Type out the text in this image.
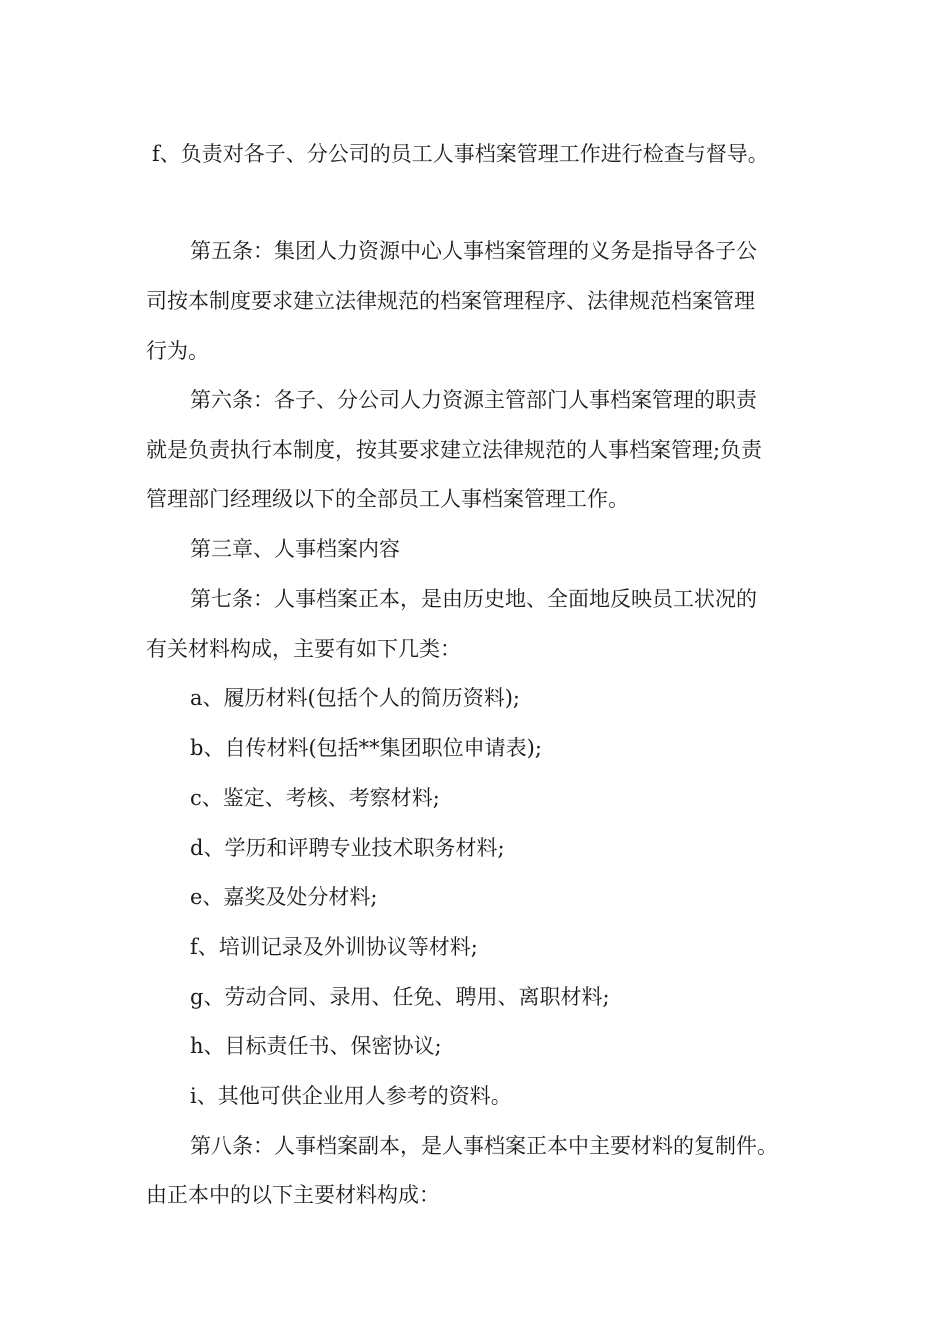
f、负责对各子、分公司的员工人事档案管理工作进行检查与督导。
第五条：集团人力资源中心人事档案管理的义务是指导各子公
司按本制度要求建立法律规范的档案管理程序、法律规范档案管理
行为。
第六条：各子、分公司人力资源主管部门人事档案管理的职责
就是负责执行本制度，按其要求建立法律规范的人事档案管理;负责
管理部门经理级以下的全部员工人事档案管理工作。
第三章、人事档案内容
第七条：人事档案正本，是由历史地、全面地反映员工状况的
有关材料构成，主要有如下几类：
a、履历材料(包括个人的简历资料);
b、自传材料(包括**集团职位申请表);
c、鉴定、考核、考察材料;
d、学历和评聘专业技术职务材料;
e、嘉奖及处分材料;
f、培训记录及外训协议等材料;
g、劳动合同、录用、任免、聘用、离职材料;
h、目标责任书、保密协议;
i、其他可供企业用人参考的资料。
第八条：人事档案副本，是人事档案正本中主要材料的复制件。
由正本中的以下主要材料构成：
